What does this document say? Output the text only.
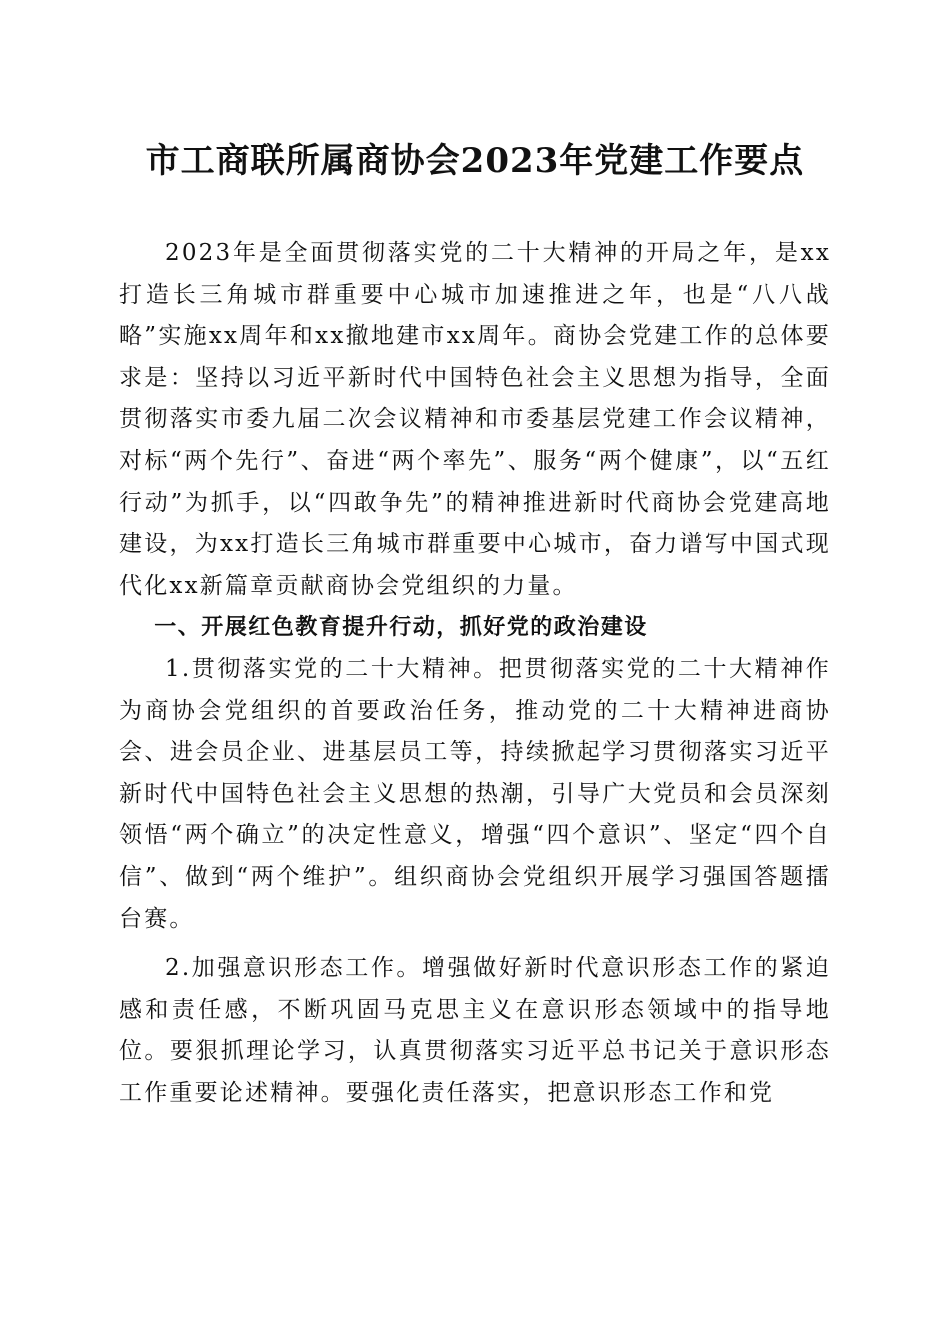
市工商联所属商协会2023年党建工作要点

2023年是全面贯彻落实党的二十大精神的开局之年，是xx打造长三角城市群重要中心城市加速推进之年，也是“八八战略”实施xx周年和xx撤地建市xx周年。商协会党建工作的总体要求是：坚持以习近平新时代中国特色社会主义思想为指导，全面贯彻落实市委九届二次会议精神和市委基层党建工作会议精神，对标“两个先行”、奋进“两个率先”、服务“两个健康”，以“五红行动”为抓手，以“四敢争先”的精神推进新时代商协会党建高地建设，为xx打造长三角城市群重要中心城市，奋力谱写中国式现代化xx新篇章贡献商协会党组织的力量。

一、开展红色教育提升行动，抓好党的政治建设

1.贯彻落实党的二十大精神。把贯彻落实党的二十大精神作为商协会党组织的首要政治任务，推动党的二十大精神进商协会、进会员企业、进基层员工等，持续掀起学习贯彻落实习近平新时代中国特色社会主义思想的热潮，引导广大党员和会员深刻领悟“两个确立”的决定性意义，增强“四个意识”、坚定“四个自信”、做到“两个维护”。组织商协会党组织开展学习强国答题擂台赛。

2.加强意识形态工作。增强做好新时代意识形态工作的紧迫感和责任感，不断巩固马克思主义在意识形态领域中的指导地位。要狠抓理论学习，认真贯彻落实习近平总书记关于意识形态工作重要论述精神。要强化责任落实，把意识形态工作和党
